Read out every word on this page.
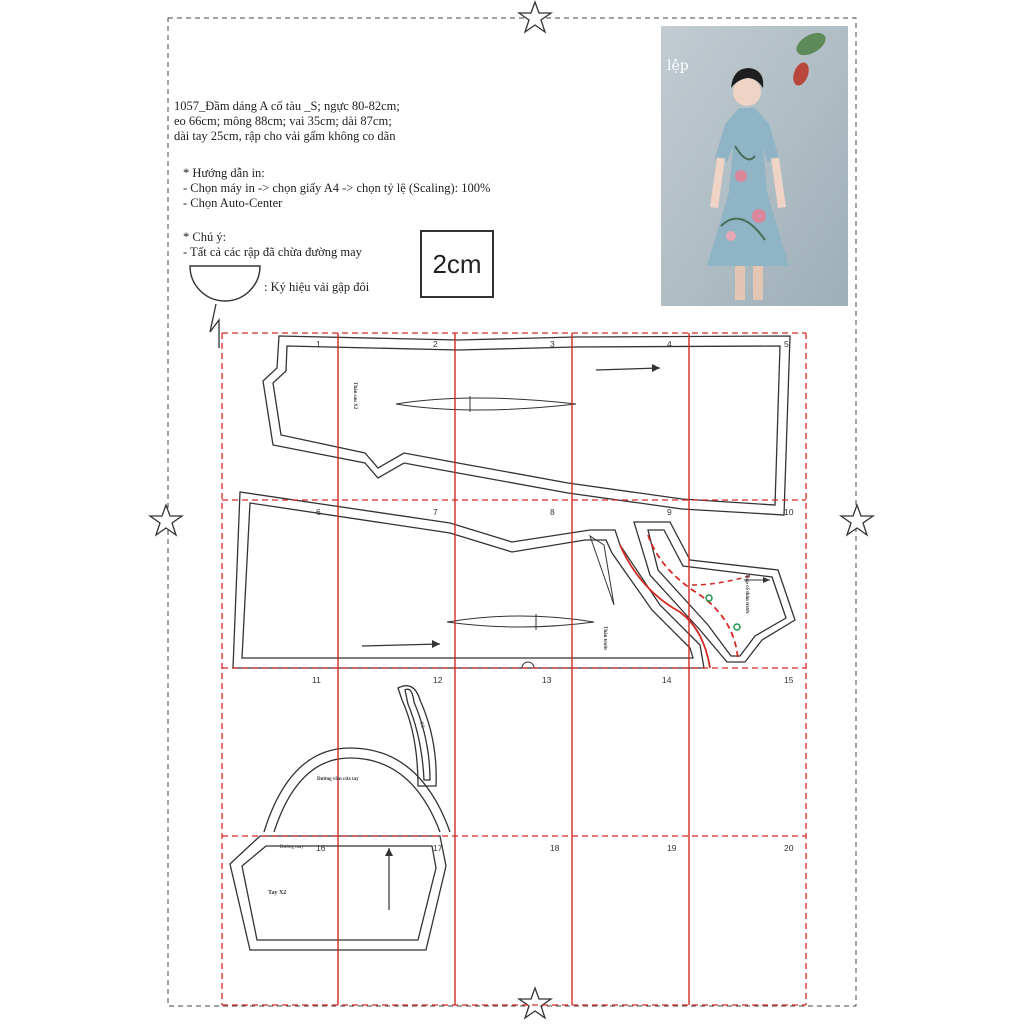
1	2	3	4	5
6	7	8	9	10
11	12	13	14	15
16	17	18	19	20
Thân sau X2
Thân trước
Đáp cổ thân trước
Cổ
Đường viền cửa tay
Đường may
Tay X2
1057_Đầm dáng A cổ tàu _S; ngực 80-82cm;
eo 66cm; mông 88cm; vai 35cm; dài 87cm;
dài tay 25cm, rập cho vải gấm không co dãn
* Hướng dẫn in:
- Chọn máy in -> chọn giấy A4 -> chọn tỷ lệ (Scaling): 100%
- Chọn Auto-Center
* Chú ý:
- Tất cả các rập đã chừa đường may
: Ký hiệu vải gập đôi
2cm
lệp
